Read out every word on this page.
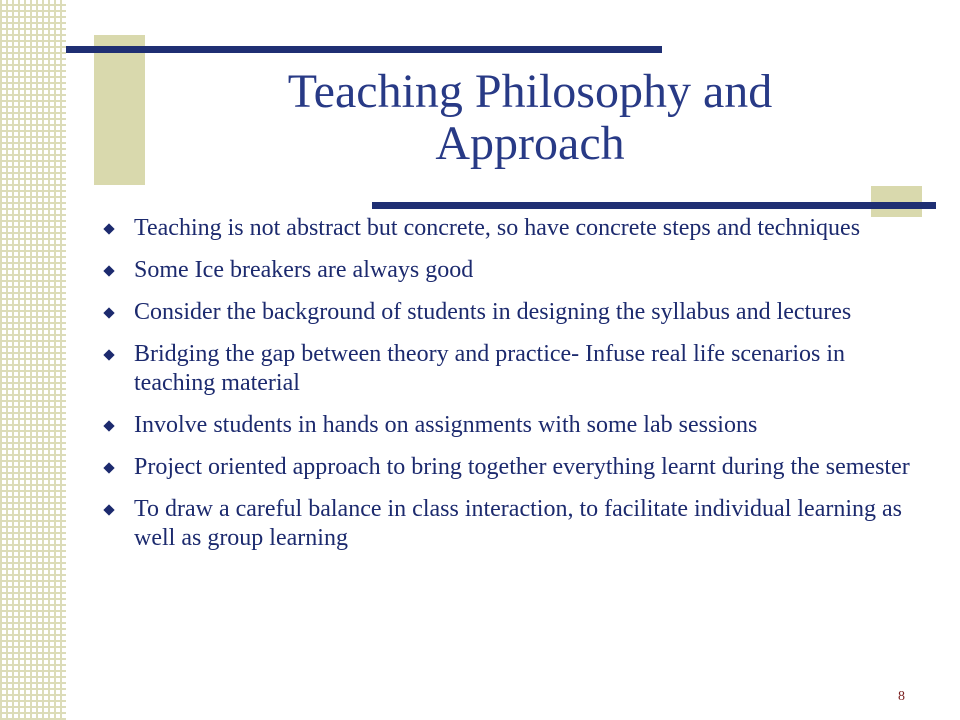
Teaching Philosophy and Approach
Teaching is not abstract but concrete, so have concrete steps and techniques
Some Ice breakers are always good
Consider the background of students in designing the syllabus and lectures
Bridging the gap between theory and practice- Infuse real life scenarios in teaching material
Involve students in hands on assignments with some lab sessions
Project oriented approach to bring together everything learnt during the semester
To draw a careful balance in class interaction, to facilitate individual learning as well as group learning
8
